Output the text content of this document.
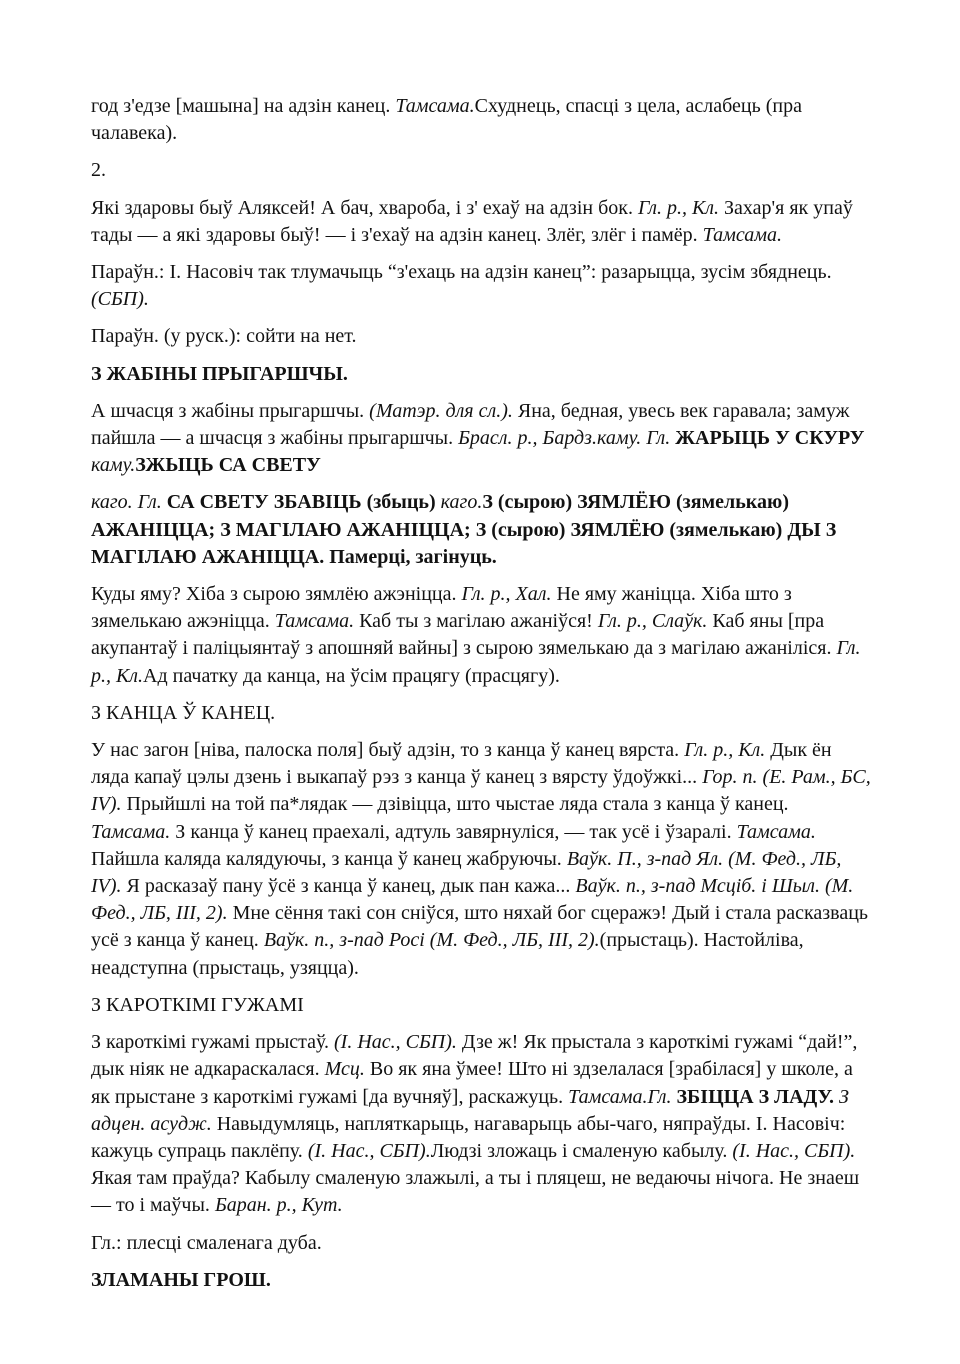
год з'едзе [машына] на адзін канец. Тамсама.Схуднець, спасці з цела, аслабець (пра чалавека).

2.

Які здаровы быў Аляксей! А бач, хвароба, і з' ехаў на адзін бок. Гл. р., Кл. Захар'я як упаў тады — а які здаровы быў! — і з'ехаў на адзін канец. Злёг, злёг і памёр. Тамсама.

Параўн.: І. Насовіч так тлумачыць “з'ехаць на адзін канец”: разарыцца, зусім збяднець. (СБП).

Параўн. (у руск.): сойти на нет.

З ЖАБІНЫ ПРЫГАРШЧЫ.

А шчасця з жабіны прыгаршчы. (Матэр. для сл.). Яна, бедная, увесь век гаравала; замуж пайшла — а шчасця з жабіны прыгаршчы. Брасл. р., Бардз.каму. Гл. ЖАРЫЦЬ У СКУРУ каму.ЗЖЫЦЬ СА СВЕТУ

каго. Гл. СА СВЕТУ ЗБАВІЦЬ (збыць) каго.З (сырою) ЗЯМЛЁЮ (зямелькаю) АЖАНІЦЦА; З МАГІЛАЮ АЖАНІЦЦА; З (сырою) ЗЯМЛЁЮ (зямелькаю) ДЫ З МАГІЛАЮ АЖАНІЦЦА. Памерці, загінуць.

Куды яму? Хіба з сырою зямлёю ажэніцца. Гл. р., Хал. Не яму жаніцца. Хіба што з зямелькаю ажэніцца. Тамсама. Каб ты з магілаю ажаніўся! Гл. р., Слаўк. Каб яны [пра акупантаў і паліцыянтаў з апошняй вайны] з сырою зямелькаю да з магілаю ажаніліся. Гл. р., Кл.Ад пачатку да канца, на ўсім працягу (прасцягу).

З КАНЦА Ў КАНЕЦ.

У нас загон [ніва, палоска поля] быў адзін, то з канца ў канец вярста. Гл. р., Кл. Дык ён ляда капаў цэлы дзень і выкапаў рэз з канца ў канец з вярсту ўдоўжкі... Гор. п. (Е. Рам., БС, IV). Прыйшлі на той па*лядак — дзівіцца, што чыстае ляда стала з канца ў канец. Тамсама. З канца ў канец праехалі, адтуль завярнуліся, — так усё і ўзаралі. Тамсама. Пайшла каляда калядуючы, з канца ў канец жабруючы. Ваўк. П., з-пад Ял. (М. Фед., ЛБ, IV). Я расказаў пану ўсё з канца ў канец, дык пан кажа... Ваўк. п., з-пад Мсціб. і Шыл. (М. Фед., ЛБ, III, 2). Мне сёння такі сон сніўся, што няхай бог сцеражэ! Дый і стала расказваць усё з канца ў канец. Ваўк. п., з-пад Росі (М. Фед., ЛБ, III, 2).(прыстаць). Настойліва, неадступна (прыстаць, узяцца).

З КАРОТКІМІ ГУЖАМІ

З кароткімі гужамі прыстаў. (І. Нас., СБП). Дзе ж! Як прыстала з кароткімі гужамі “дай!”, дык ніяк не адкараскалася. Мсц. Во як яна ўмее! Што ні здзелалася [зрабілася] у школе, а як прыстане з кароткімі гужамі [да вучняў], раскажуць. Тамсама.Гл. ЗБІЦЦА З ЛАДУ. З адцен. асудж. Навыдумляць, напляткарыць, нагаварыць абы-чаго, няпраўды. І. Насовіч: кажуць супраць паклёпу. (І. Нас., СБП).Людзі зложаць і смаленую кабылу. (І. Нас., СБП). Якая там праўда? Кабылу смаленую злажылі, а ты і пляцеш, не ведаючы нічога. Не знаеш — то і маўчы. Баран. р., Кут.

Гл.: плесці смаленага дуба.

ЗЛАМАНЫ ГРОШ.
